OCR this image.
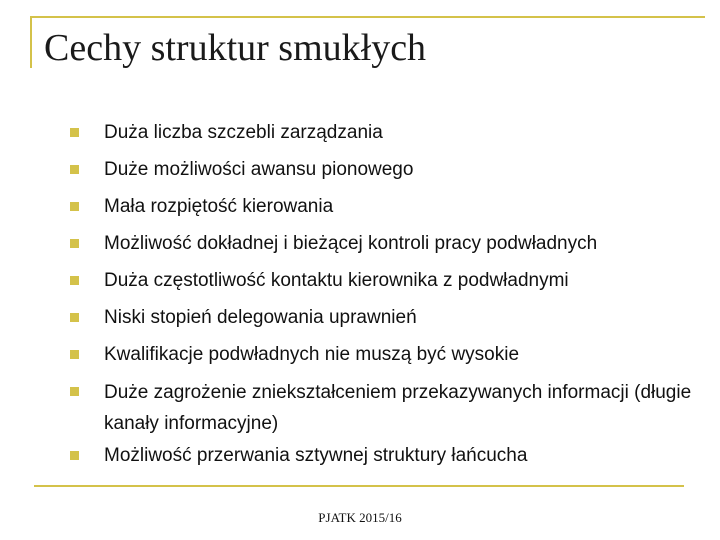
Cechy struktur smukłych
Duża liczba szczebli zarządzania
Duże możliwości awansu pionowego
Mała rozpiętość kierowania
Możliwość dokładnej i bieżącej kontroli pracy podwładnych
Duża częstotliwość kontaktu kierownika z podwładnymi
Niski stopień delegowania uprawnień
Kwalifikacje podwładnych nie muszą być wysokie
Duże zagrożenie zniekształceniem przekazywanych informacji (długie kanały informacyjne)
Możliwość przerwania sztywnej struktury łańcucha
PJATK 2015/16
